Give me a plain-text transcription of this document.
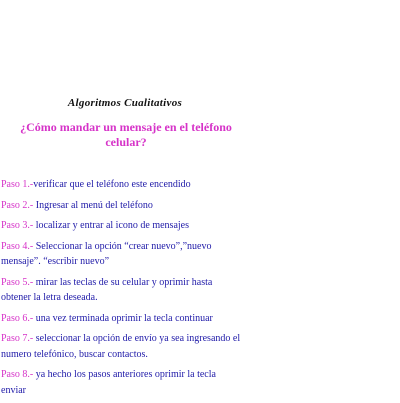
Algoritmos Cualitativos
¿Cómo mandar un mensaje en el teléfono celular?
Paso 1.-verificar que el teléfono este encendido
Paso 2.- Ingresar al menú del teléfono
Paso 3.- localizar y entrar al icono de mensajes
Paso 4.- Seleccionar la opción “crear nuevo”,”nuevo mensaje”. “escribir nuevo”
Paso 5.- mirar las teclas de su celular y oprimir hasta obtener la letra deseada.
Paso 6.- una vez terminada oprimir la tecla continuar
Paso 7.- seleccionar la opción de envío ya sea ingresando el numero telefónico, buscar contactos.
Paso 8.- ya hecho los pasos anteriores oprimir la tecla enviar
